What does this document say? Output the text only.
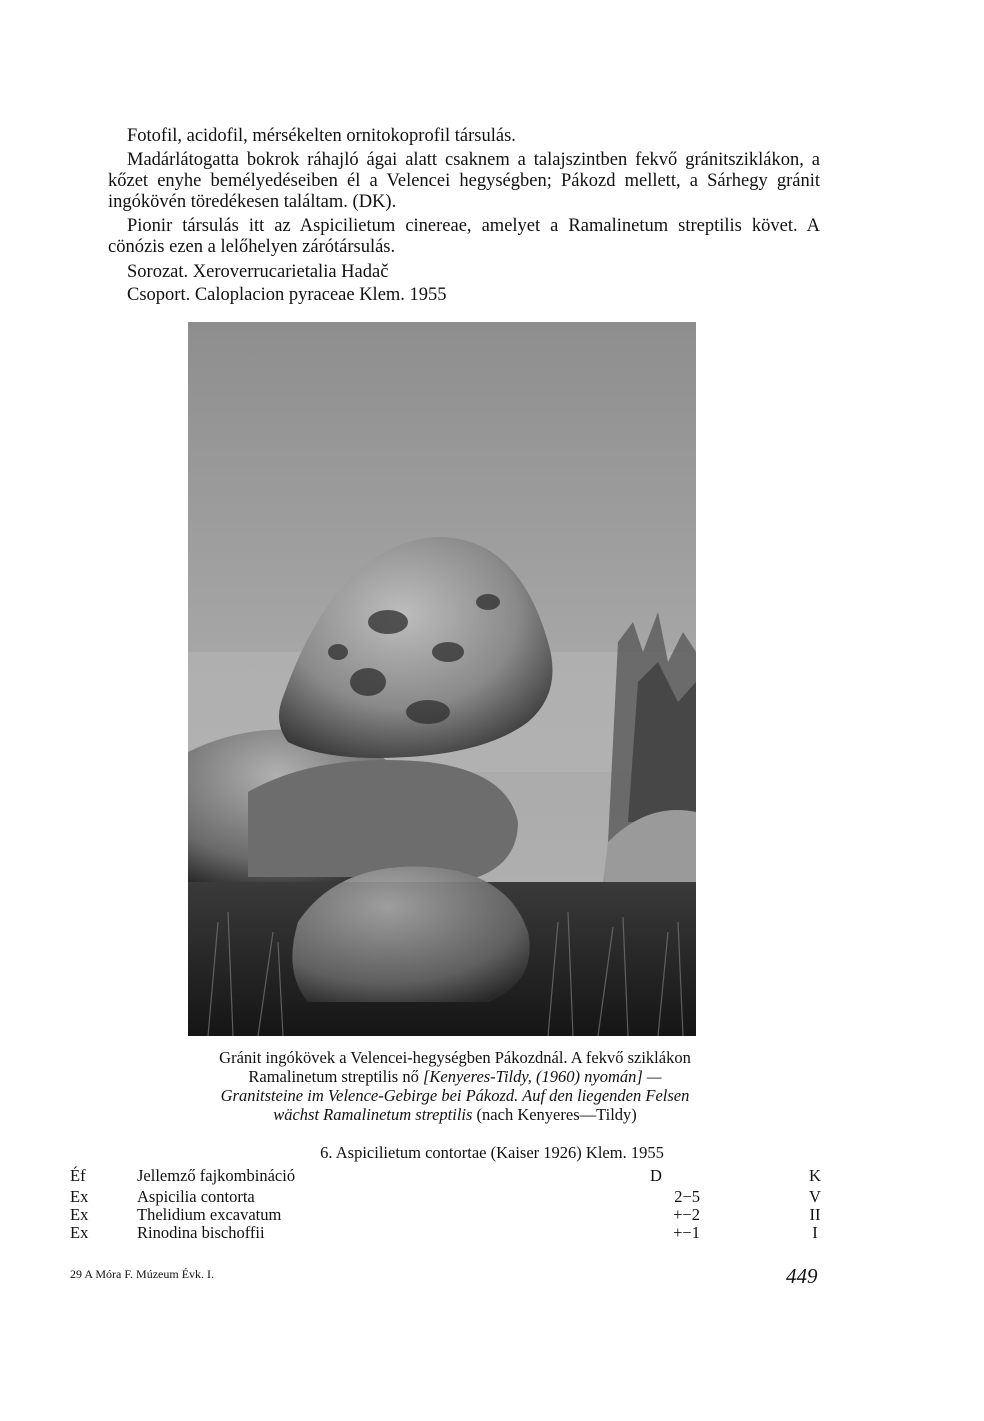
Fotofil, acidofil, mérsékelten ornitokoprofil társulás.

Madárlátogatta bokrok ráhajló ágai alatt csaknem a talajszintben fekvő gránitsziklákon, a kőzet enyhe bemélyedéseiben él a Velencei hegységben; Pákozd mellett, a Sárhegy gránit ingókövén töredékesen találtam. (DK).

Pionir társulás itt az Aspicilietum cinereae, amelyet a Ramalinetum streptilis követ. A cönózis ezen a lelőhelyen zárótársulás.

Sorozat. Xeroverrucarietalia Hadač

Csoport. Caloplacion pyraceae Klem. 1955

Gránit ingókövek a Velencei-hegységben Pákozdnál. A fekvő sziklákon

Ramalinetum streptilis nő [Kenyeres-Tildy, (1960) nyomán] —

Granitsteine im Velence-Gebirge bei Pákozd. Auf den liegenden Felsen

wächst Ramalinetum streptilis (nach Kenyeres—Tildy)

6. Aspicilietum contortae (Kaiser 1926) Klem. 1955

Éf	Jellemző fajkombináció	D	K

Ex	Aspicilia contorta	2−5	V

Ex	Thelidium excavatum	+−2	II

Ex	Rinodina bischoffii	+−1	I

29 A Móra F. Múzeum Évk. I.	449
